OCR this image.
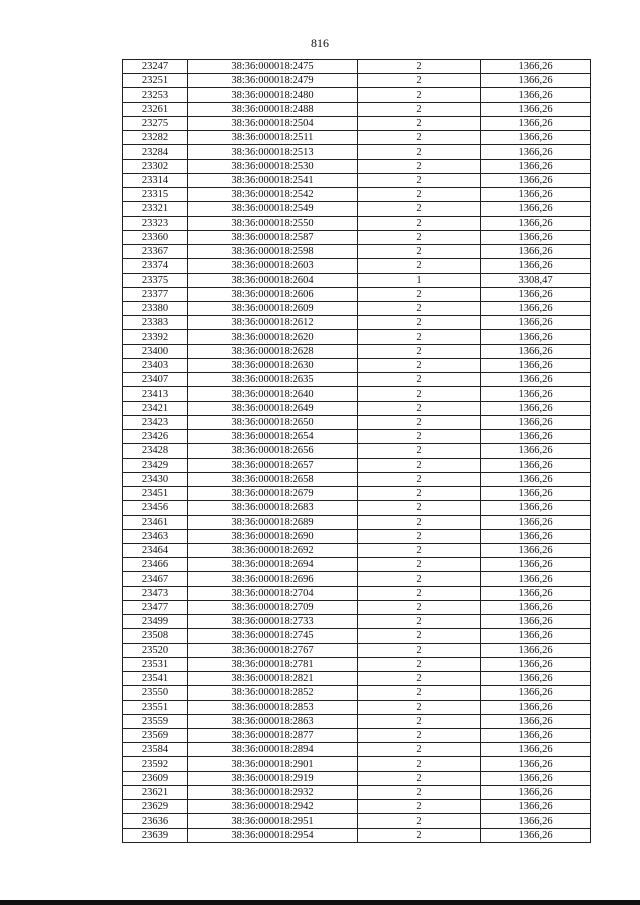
816
23247	38:36:000018:2475	2	1366,26
23251	38:36:000018:2479	2	1366,26
23253	38:36:000018:2480	2	1366,26
23261	38:36:000018:2488	2	1366,26
23275	38:36:000018:2504	2	1366,26
23282	38:36:000018:2511	2	1366,26
23284	38:36:000018:2513	2	1366,26
23302	38:36:000018:2530	2	1366,26
23314	38:36:000018:2541	2	1366,26
23315	38:36:000018:2542	2	1366,26
23321	38:36:000018:2549	2	1366,26
23323	38:36:000018:2550	2	1366,26
23360	38:36:000018:2587	2	1366,26
23367	38:36:000018:2598	2	1366,26
23374	38:36:000018:2603	2	1366,26
23375	38:36:000018:2604	1	3308,47
23377	38:36:000018:2606	2	1366,26
23380	38:36:000018:2609	2	1366,26
23383	38:36:000018:2612	2	1366,26
23392	38:36:000018:2620	2	1366,26
23400	38:36:000018:2628	2	1366,26
23403	38:36:000018:2630	2	1366,26
23407	38:36:000018:2635	2	1366,26
23413	38:36:000018:2640	2	1366,26
23421	38:36:000018:2649	2	1366,26
23423	38:36:000018:2650	2	1366,26
23426	38:36:000018:2654	2	1366,26
23428	38:36:000018:2656	2	1366,26
23429	38:36:000018:2657	2	1366,26
23430	38:36:000018:2658	2	1366,26
23451	38:36:000018:2679	2	1366,26
23456	38:36:000018:2683	2	1366,26
23461	38:36:000018:2689	2	1366,26
23463	38:36:000018:2690	2	1366,26
23464	38:36:000018:2692	2	1366,26
23466	38:36:000018:2694	2	1366,26
23467	38:36:000018:2696	2	1366,26
23473	38:36:000018:2704	2	1366,26
23477	38:36:000018:2709	2	1366,26
23499	38:36:000018:2733	2	1366,26
23508	38:36:000018:2745	2	1366,26
23520	38:36:000018:2767	2	1366,26
23531	38:36:000018:2781	2	1366,26
23541	38:36:000018:2821	2	1366,26
23550	38:36:000018:2852	2	1366,26
23551	38:36:000018:2853	2	1366,26
23559	38:36:000018:2863	2	1366,26
23569	38:36:000018:2877	2	1366,26
23584	38:36:000018:2894	2	1366,26
23592	38:36:000018:2901	2	1366,26
23609	38:36:000018:2919	2	1366,26
23621	38:36:000018:2932	2	1366,26
23629	38:36:000018:2942	2	1366,26
23636	38:36:000018:2951	2	1366,26
23639	38:36:000018:2954	2	1366,26
